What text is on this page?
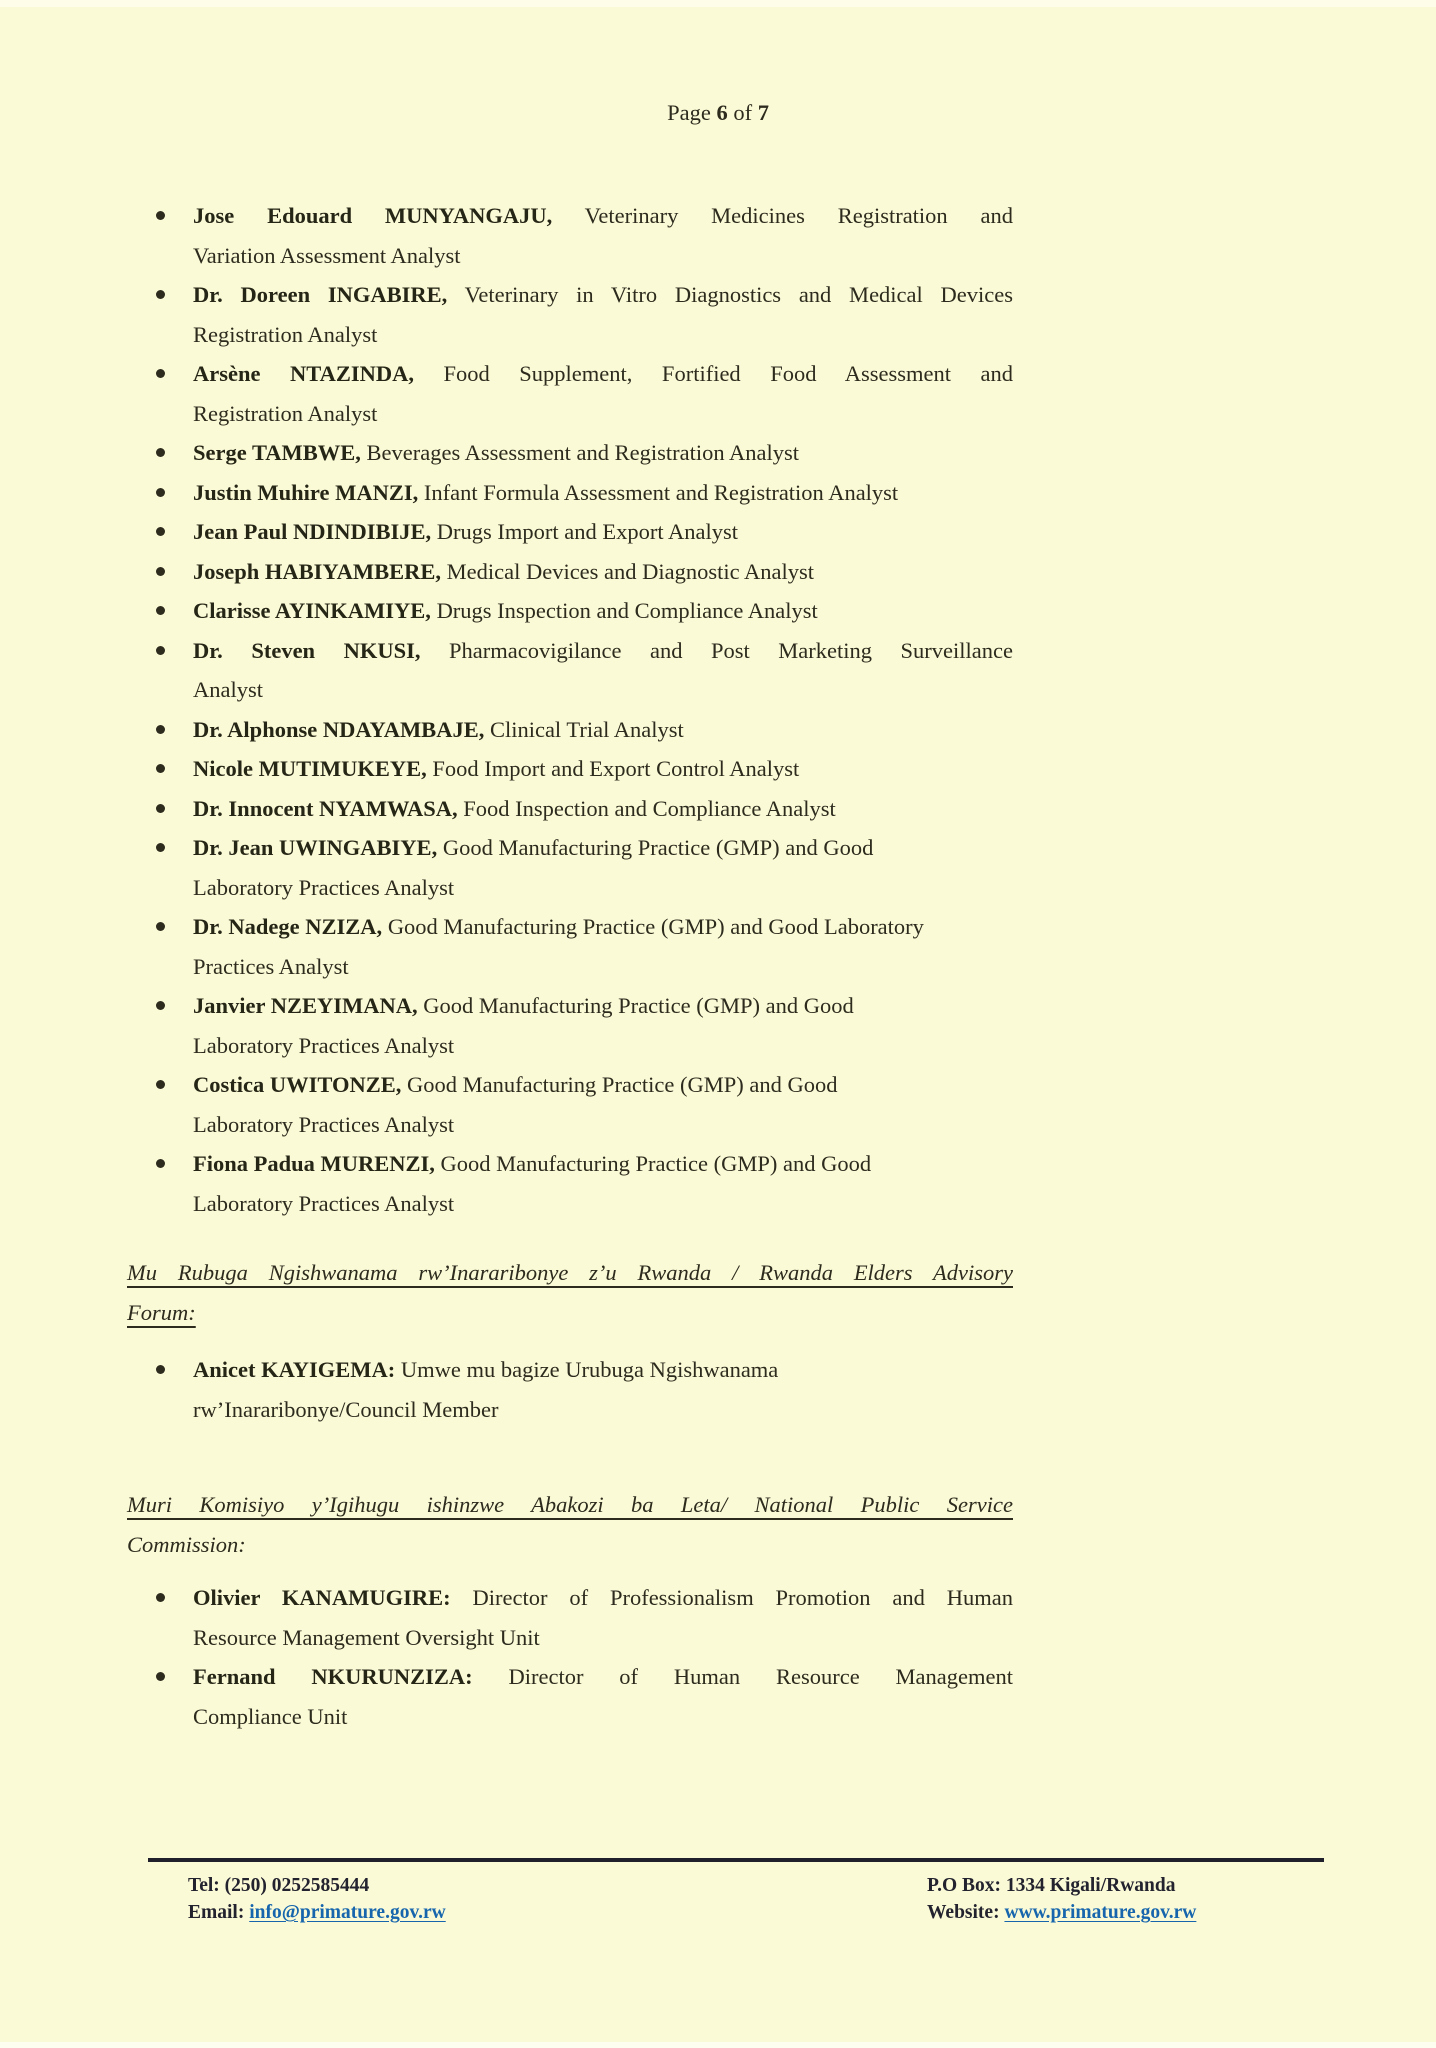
Page 6 of 7
Jose Edouard MUNYANGAJU, Veterinary Medicines Registration and
Variation Assessment Analyst
Dr. Doreen INGABIRE, Veterinary in Vitro Diagnostics and Medical Devices
Registration Analyst
Arsène NTAZINDA, Food Supplement, Fortified Food Assessment and
Registration Analyst
Serge TAMBWE, Beverages Assessment and Registration Analyst
Justin Muhire MANZI, Infant Formula Assessment and Registration Analyst
Jean Paul NDINDIBIJE, Drugs Import and Export Analyst
Joseph HABIYAMBERE, Medical Devices and Diagnostic Analyst
Clarisse AYINKAMIYE, Drugs Inspection and Compliance Analyst
Dr. Steven NKUSI, Pharmacovigilance and Post Marketing Surveillance
Analyst
Dr. Alphonse NDAYAMBAJE, Clinical Trial Analyst
Nicole MUTIMUKEYE, Food Import and Export Control Analyst
Dr. Innocent NYAMWASA, Food Inspection and Compliance Analyst
Dr. Jean UWINGABIYE, Good Manufacturing Practice (GMP) and Good
Laboratory Practices Analyst
Dr. Nadege NZIZA, Good Manufacturing Practice (GMP) and Good Laboratory
Practices Analyst
Janvier NZEYIMANA, Good Manufacturing Practice (GMP) and Good
Laboratory Practices Analyst
Costica UWITONZE, Good Manufacturing Practice (GMP) and Good
Laboratory Practices Analyst
Fiona Padua MURENZI, Good Manufacturing Practice (GMP) and Good
Laboratory Practices Analyst
Mu Rubuga Ngishwanama rw’Inararibonye z’u Rwanda / Rwanda Elders Advisory
Forum:
Anicet KAYIGEMA: Umwe mu bagize Urubuga Ngishwanama
rw’Inararibonye/Council Member
Muri Komisiyo y’Igihugu ishinzwe Abakozi ba Leta/ National Public Service
Commission:
Olivier KANAMUGIRE: Director of Professionalism Promotion and Human
Resource Management Oversight Unit
Fernand NKURUNZIZA: Director of Human Resource Management
Compliance Unit
Tel: (250) 0252585444
Email: info@primature.gov.rw
P.O Box: 1334 Kigali/Rwanda
Website: www.primature.gov.rw
